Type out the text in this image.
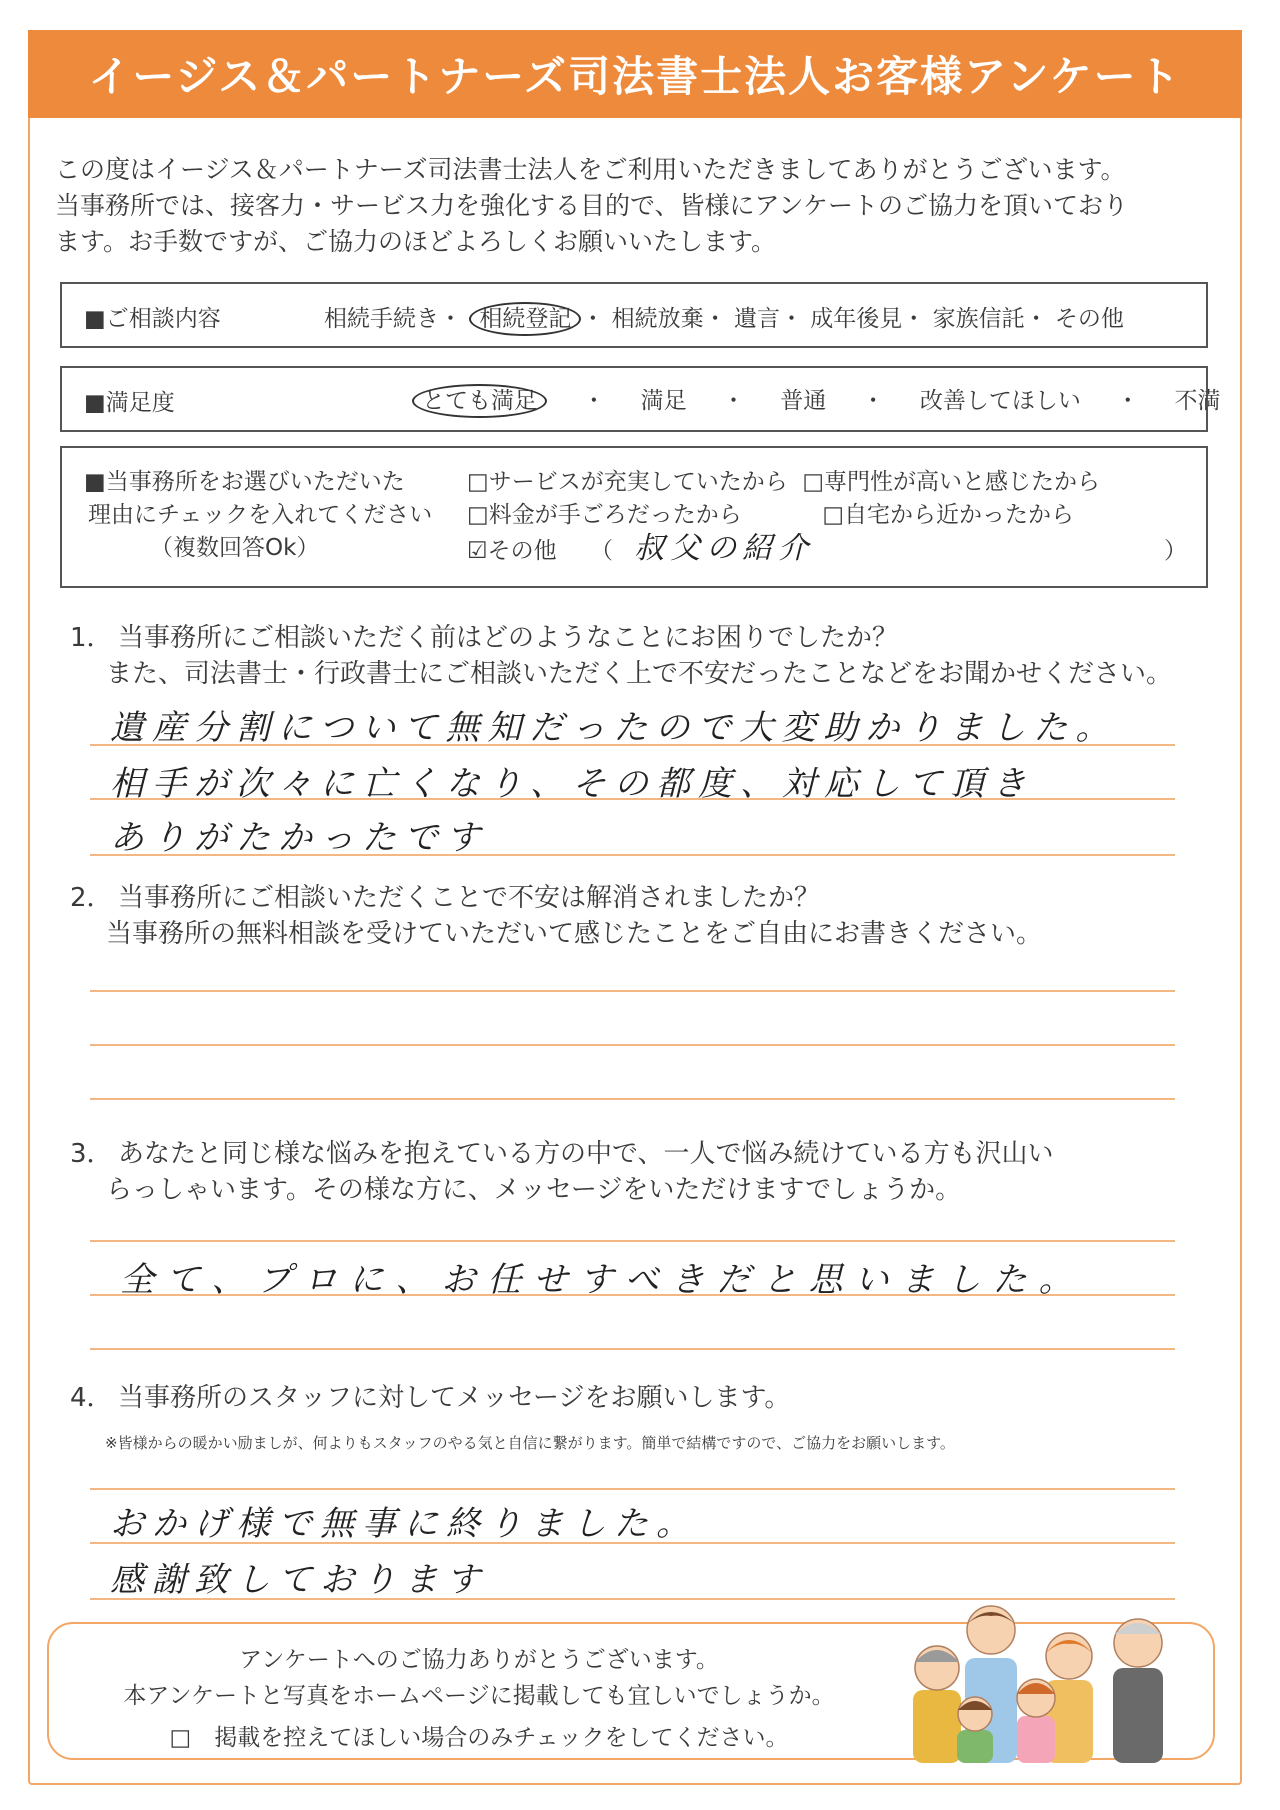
イージス＆パートナーズ司法書士法人お客様アンケート

この度はイージス＆パートナーズ司法書士法人をご利用いただきましてありがとうございます。

当事務所では、接客力・サービス力を強化する目的で、皆様にアンケートのご協力を頂いており

ます。お手数ですが、ご協力のほどよろしくお願いいたします。

■ご相談内容	相続手続き・ 相続登記 ・ 相続放棄・ 遺言・ 成年後見・ 家族信託・ その他
■満足度	とても満足 ・ 満足 ・ 普通 ・ 改善してほしい ・ 不満
■当事務所をお選びいただいた
理由にチェックを入れてください
（複数回答Ok）
□サービスが充実していたから □専門性が高いと感じたから
□料金が手ごろだったから	□自宅から近かったから
☑その他 （ 叔父の紹介	）

1． 当事務所にご相談いただく前はどのようなことにお困りでしたか？

また、司法書士・行政書士にご相談いただく上で不安だったことなどをお聞かせください。

遺産分割について無知だったので大変助かりました。
相手が次々に亡くなり、その都度、対応して頂き
ありがたかったです

2． 当事務所にご相談いただくことで不安は解消されましたか？

当事務所の無料相談を受けていただいて感じたことをご自由にお書きください。

3． あなたと同じ様な悩みを抱えている方の中で、一人で悩み続けている方も沢山い

らっしゃいます。その様な方に、メッセージをいただけますでしょうか。

全て、プロに、お任せすべきだと思いました。

4． 当事務所のスタッフに対してメッセージをお願いします。

※皆様からの暖かい励ましが、何よりもスタッフのやる気と自信に繋がります。簡単で結構ですので、ご協力をお願いします。
おかげ様で無事に終りました。
感謝致しております

アンケートへのご協力ありがとうございます。

本アンケートと写真をホームページに掲載しても宜しいでしょうか。

□　掲載を控えてほしい場合のみチェックをしてください。
